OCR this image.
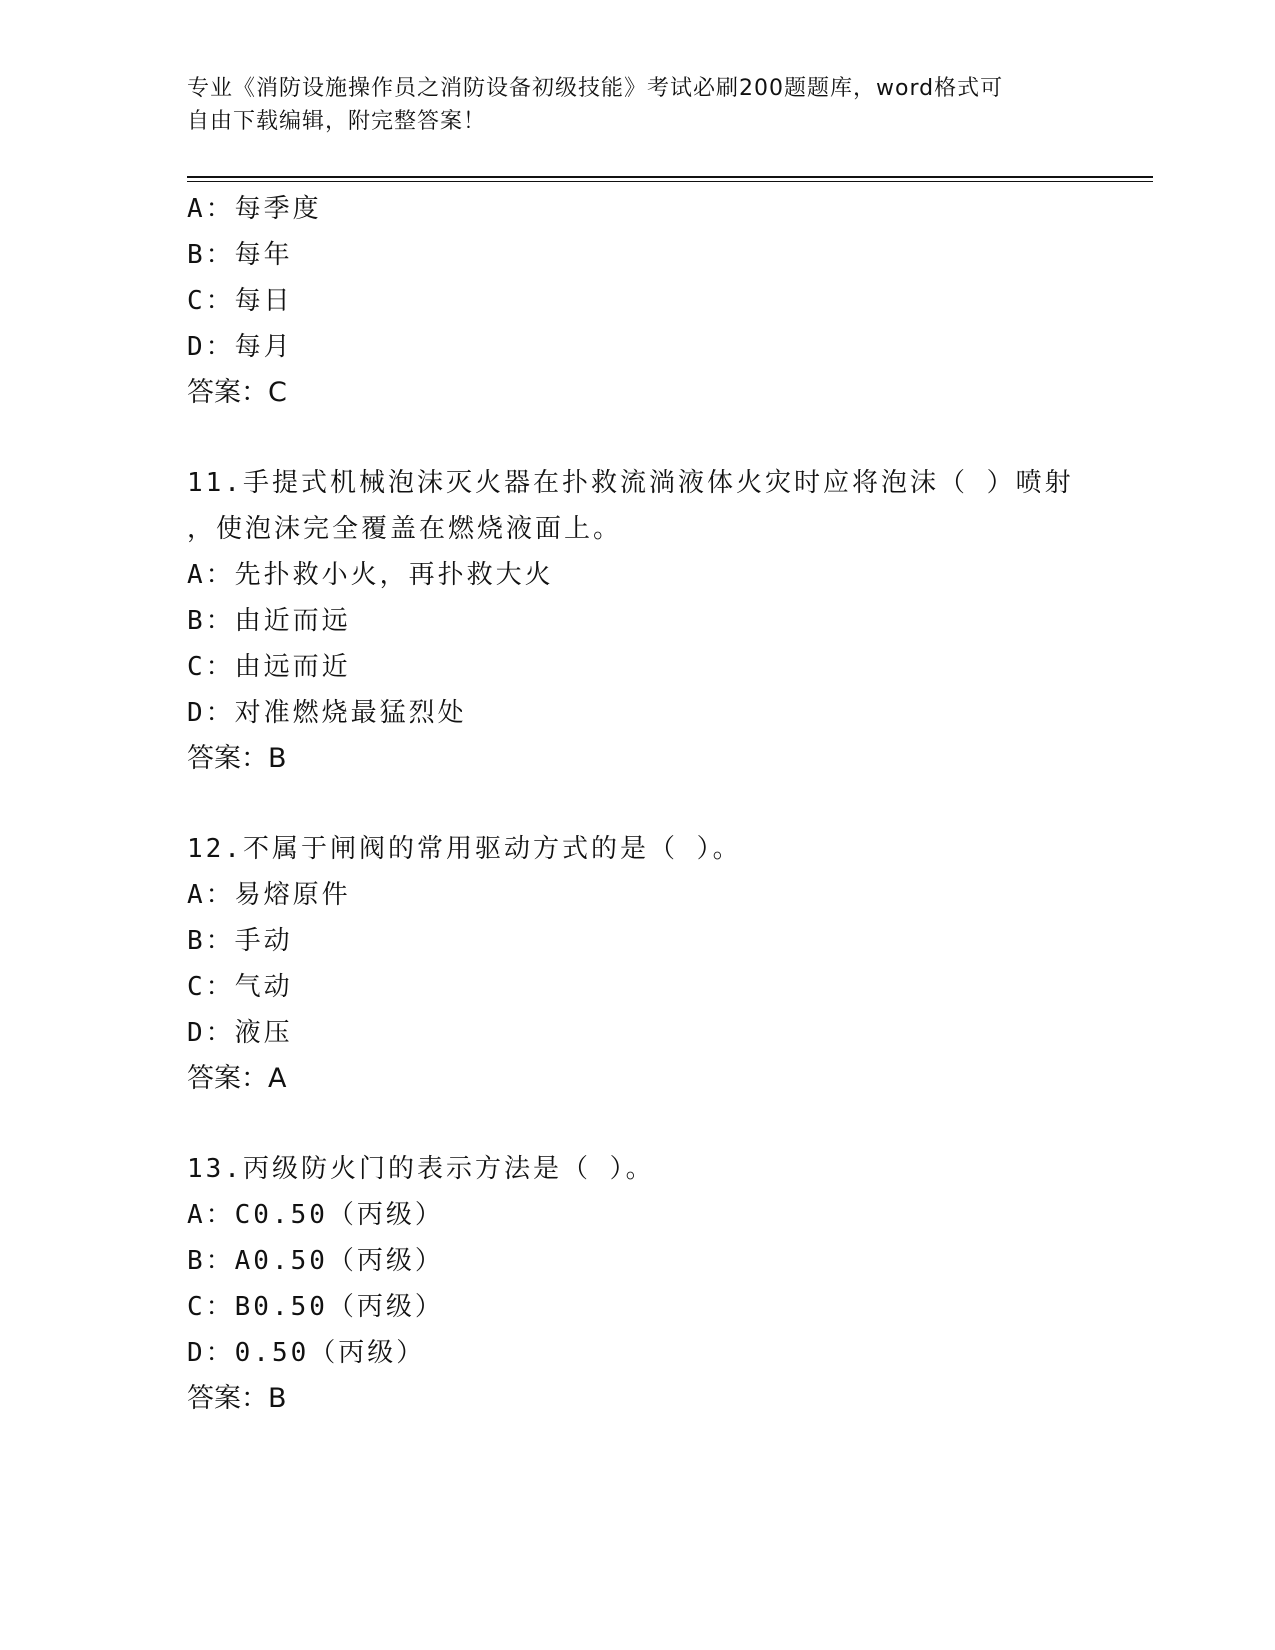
专业《消防设施操作员之消防设备初级技能》考试必刷200题题库，word格式可
自由下载编辑，附完整答案！
A：每季度
B：每年
C：每日
D：每月
答案：C
11.手提式机械泡沫灭火器在扑救流淌液体火灾时应将泡沫（ ）喷射
，使泡沫完全覆盖在燃烧液面上。
A：先扑救小火，再扑救大火
B：由近而远
C：由远而近
D：对准燃烧最猛烈处
答案：B
12.不属于闸阀的常用驱动方式的是（ ）。
A：易熔原件
B：手动
C：气动
D：液压
答案：A
13.丙级防火门的表示方法是（ ）。
A：C0.50（丙级）
B：A0.50（丙级）
C：B0.50（丙级）
D：0.50（丙级）
答案：B
